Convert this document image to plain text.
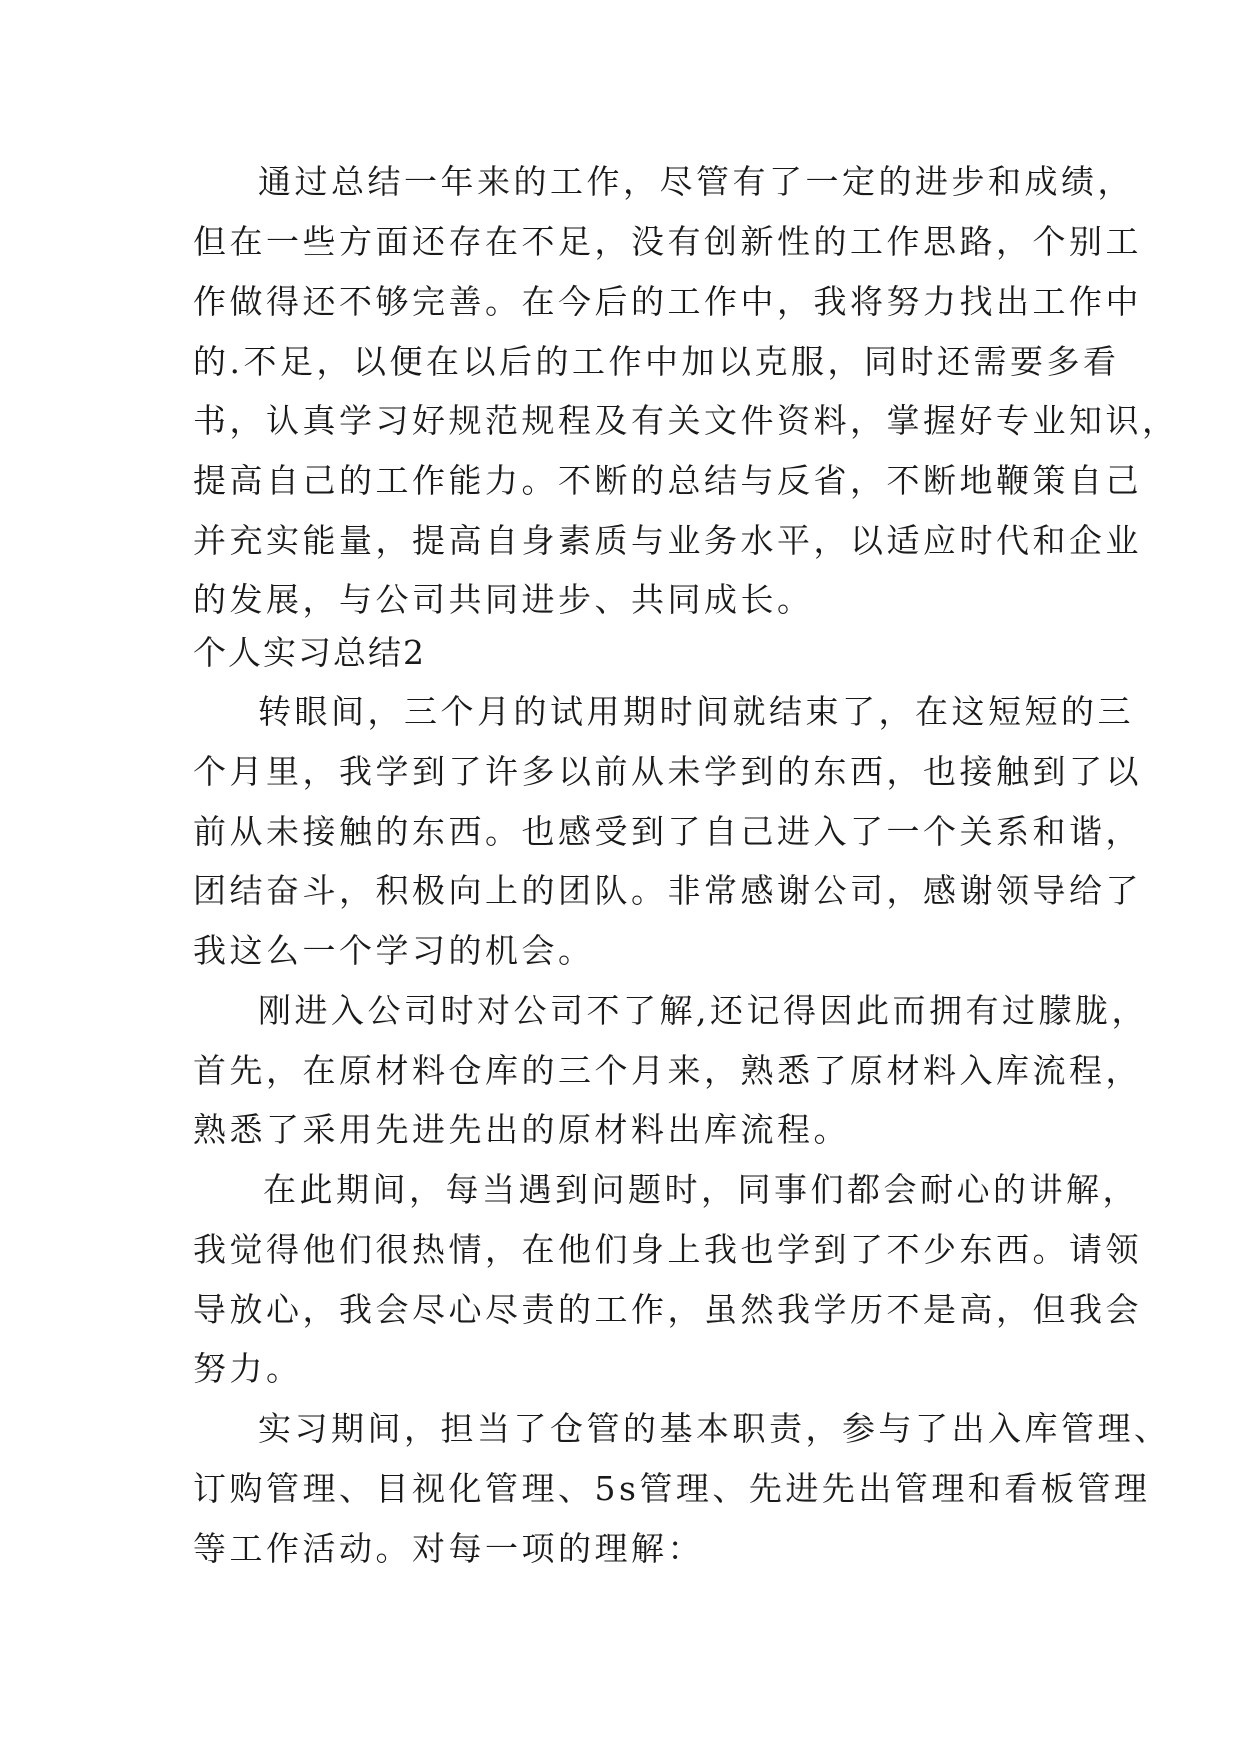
通过总结一年来的工作，尽管有了一定的进步和成绩，
但在一些方面还存在不足，没有创新性的工作思路，个别工
作做得还不够完善。在今后的工作中，我将努力找出工作中
的.不足，以便在以后的工作中加以克服，同时还需要多看
书，认真学习好规范规程及有关文件资料，掌握好专业知识，
提高自己的工作能力。不断的总结与反省，不断地鞭策自己
并充实能量，提高自身素质与业务水平，以适应时代和企业
的发展，与公司共同进步、共同成长。
个人实习总结2
转眼间，三个月的试用期时间就结束了，在这短短的三
个月里，我学到了许多以前从未学到的东西，也接触到了以
前从未接触的东西。也感受到了自己进入了一个关系和谐，
团结奋斗，积极向上的团队。非常感谢公司，感谢领导给了
我这么一个学习的机会。
刚进入公司时对公司不了解,还记得因此而拥有过朦胧，
首先，在原材料仓库的三个月来，熟悉了原材料入库流程，
熟悉了采用先进先出的原材料出库流程。
在此期间，每当遇到问题时，同事们都会耐心的讲解，
我觉得他们很热情，在他们身上我也学到了不少东西。请领
导放心，我会尽心尽责的工作，虽然我学历不是高，但我会
努力。
实习期间，担当了仓管的基本职责，参与了出入库管理、
订购管理、目视化管理、5s管理、先进先出管理和看板管理
等工作活动。对每一项的理解：
